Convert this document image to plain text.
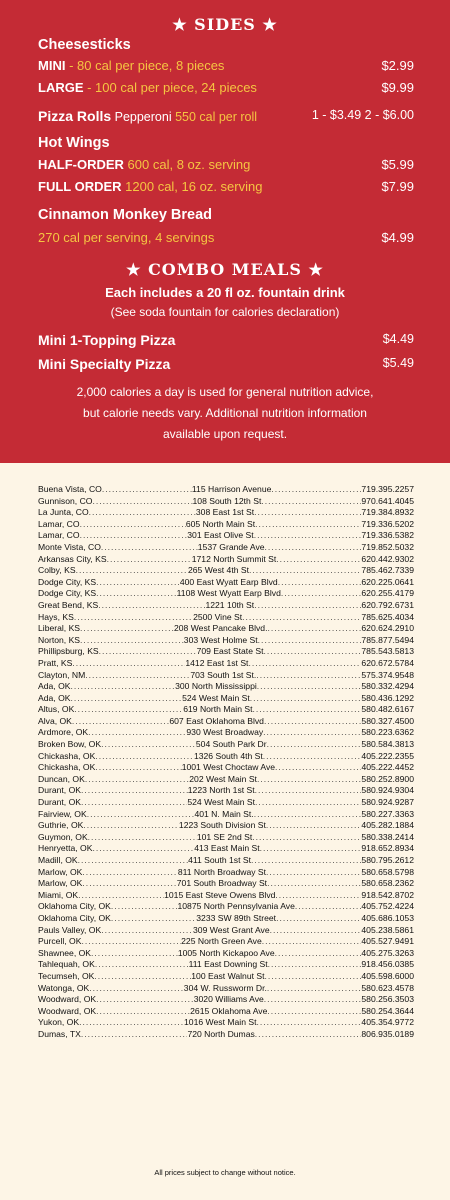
★ SIDES ★
Cheesesticks
MINI - 80 cal per piece, 8 pieces	$2.99
LARGE - 100 cal per piece, 24 pieces	$9.99
Pizza Rolls Pepperoni 550 cal per roll	1 - $3.49 2 - $6.00
Hot Wings
HALF-ORDER 600 cal, 8 oz. serving	$5.99
FULL ORDER 1200 cal, 16 oz. serving	$7.99
Cinnamon Monkey Bread
270 cal per serving, 4 servings	$4.99
★ COMBO MEALS ★
Each includes a 20 fl oz. fountain drink
(See soda fountain for calories declaration)
Mini 1-Topping Pizza	$4.49
Mini Specialty Pizza	$5.49
2,000 calories a day is used for general nutrition advice,
but calorie needs vary. Additional nutrition information
available upon request.
Buena Vista, CO .....	115 Harrison Avenue .....	719.395.2257
Gunnison, CO .....	108 South 12th St .....	970.641.4045
La Junta, CO .....	308 East 1st St .....	719.384.8932
Lamar, CO .....	605 North Main St .....	719.336.5202
Lamar, CO .....	301 East Olive St .....	719.336.5382
Monte Vista, CO .....	1537 Grande Ave .....	719.852.5032
Arkansas City, KS .....	1712 North Summit St .....	620.442.9302
Colby, KS .....	265 West 4th St .....	785.462.7339
Dodge City, KS .....	400 East Wyatt Earp Blvd .....	620.225.0641
Dodge City, KS .....	1108 West Wyatt Earp Blvd .....	620.255.4179
Great Bend, KS .....	1221 10th St .....	620.792.6731
Hays, KS .....	2500 Vine St .....	785.625.4034
Liberal, KS .....	208 West Pancake Blvd. .....	620.624.2910
Norton, KS .....	303 West Holme St .....	785.877.5494
Phillipsburg, KS .....	709 East State St .....	785.543.5813
Pratt, KS .....	1412 East 1st St .....	620.672.5784
Clayton, NM .....	703 South 1st St. .....	575.374.9548
Ada, OK .....	300 North Mississippi .....	580.332.4294
Ada, OK .....	524 West Main St .....	580.436.1292
Altus, OK .....	619 North Main St .....	580.482.6167
Alva, OK .....	607 East Oklahoma Blvd .....	580.327.4500
Ardmore, OK .....	930 West Broadway .....	580.223.6362
Broken Bow, OK .....	504 South Park Dr .....	580.584.3813
Chickasha, OK .....	1326 South 4th St .....	405.222.2355
Chickasha, OK .....	1001 West Choctaw Ave .....	405.222.4452
Duncan, OK .....	202 West Main St .....	580.252.8900
Durant, OK .....	1223 North 1st St .....	580.924.9304
Durant, OK .....	524 West Main St .....	580.924.9287
Fairview, OK .....	401 N. Main St. .....	580.227.3363
Guthrie, OK .....	1223 South Division St .....	405.282.1884
Guymon, OK .....	101 SE 2nd St .....	580.338.2414
Henryetta, OK .....	413 East Main St .....	918.652.8934
Madill, OK .....	411 South 1st St .....	580.795.2612
Marlow, OK .....	811 North Broadway St .....	580.658.5798
Marlow, OK .....	701 South Broadway St .....	580.658.2362
Miami, OK .....	1015 East Steve Owens Blvd .....	918.542.8702
Oklahoma City, OK .....	10875 North Pennsylvania Ave .....	405.752.4224
Oklahoma City, OK .....	3233 SW 89th Street .....	405.686.1053
Pauls Valley, OK .....	309 West Grant Ave .....	405.238.5861
Purcell, OK .....	225 North Green Ave .....	405.527.9491
Shawnee, OK .....	1005 North Kickapoo Ave .....	405.275.3263
Tahlequah, OK .....	111 East Downing St .....	918.456.0385
Tecumseh, OK .....	100 East Walnut St .....	405.598.6000
Watonga, OK .....	304 W. Russworm Dr. .....	580.623.4578
Woodward, OK .....	3020 Williams Ave .....	580.256.3503
Woodward, OK .....	2615 Oklahoma Ave .....	580.254.3644
Yukon, OK .....	1016 West Main St .....	405.354.9772
Dumas, TX .....	720 North Dumas .....	806.935.0189
All prices subject to change without notice.
